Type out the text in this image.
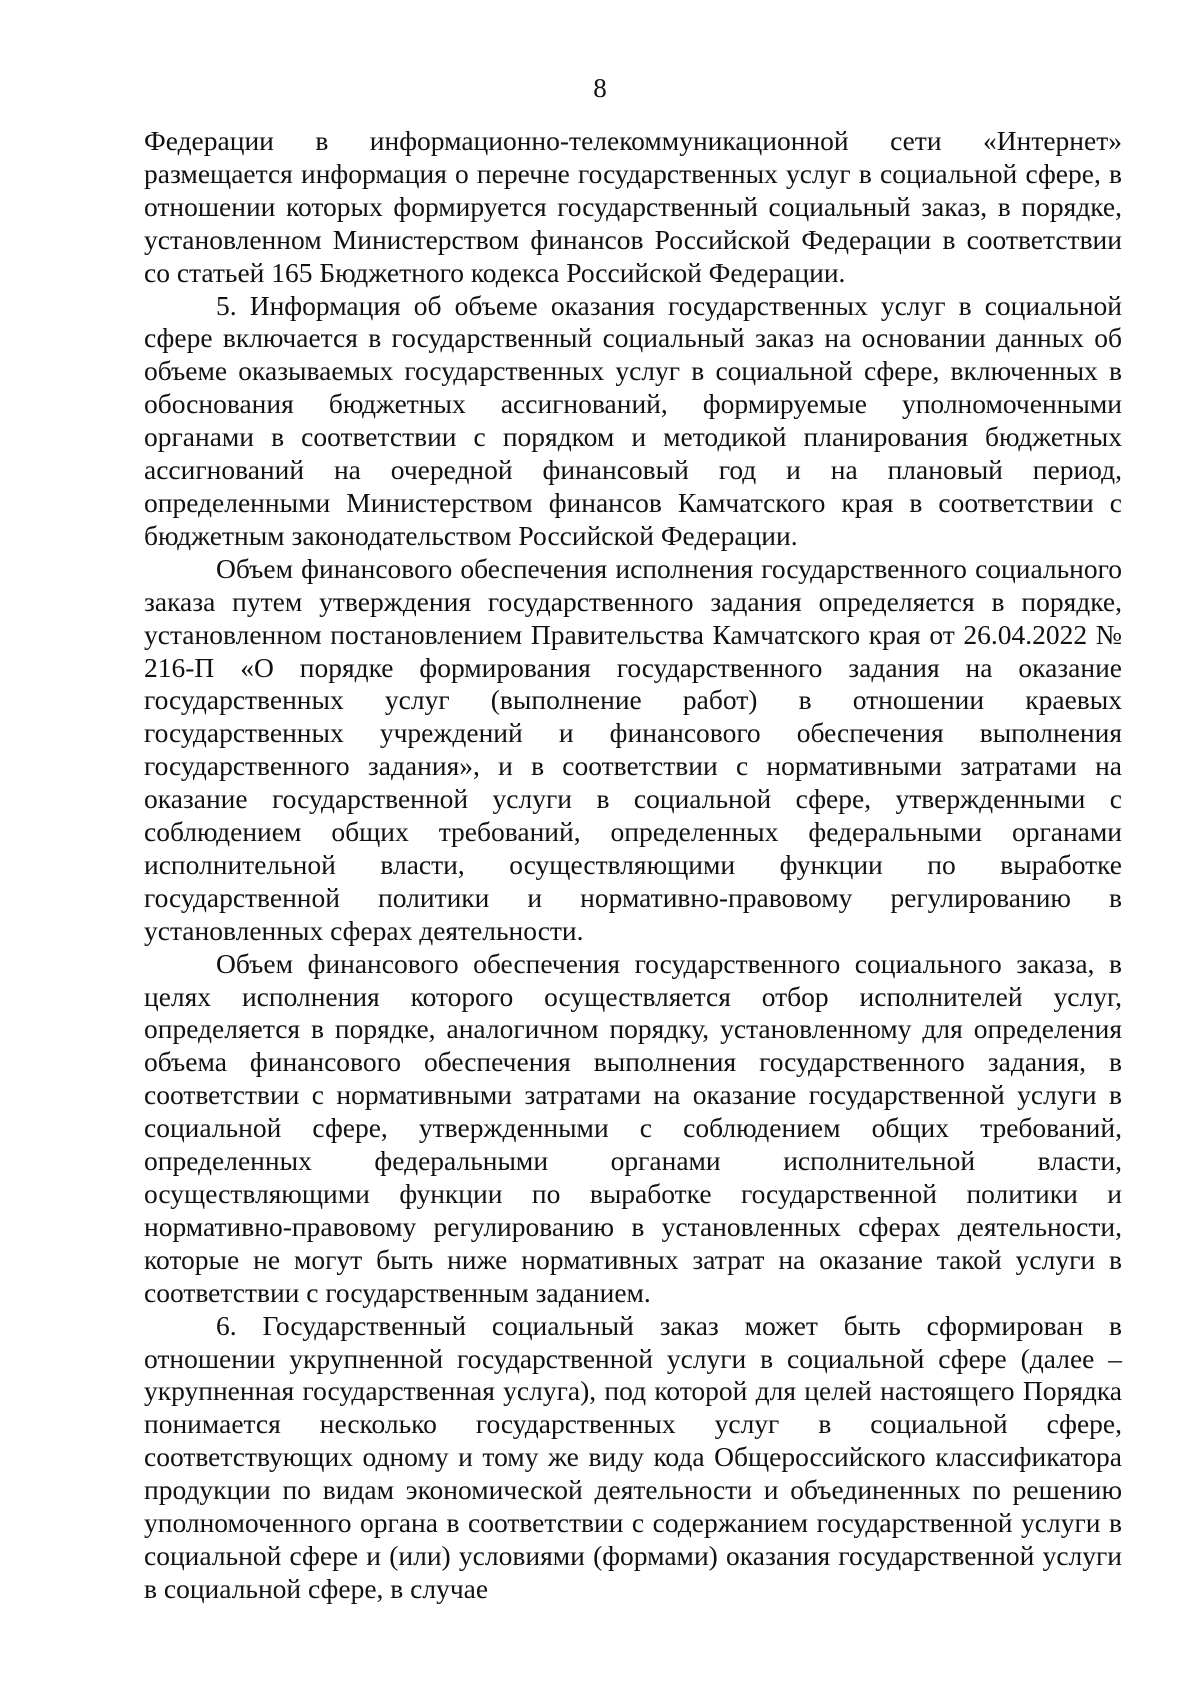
8

Федерации в информационно-телекоммуникационной сети «Интернет» размещается информация о перечне государственных услуг в социальной сфере, в отношении которых формируется государственный социальный заказ, в порядке, установленном Министерством финансов Российской Федерации в соответствии со статьей 165 Бюджетного кодекса Российской Федерации.

5. Информация об объеме оказания государственных услуг в социальной сфере включается в государственный социальный заказ на основании данных об объеме оказываемых государственных услуг в социальной сфере, включенных в обоснования бюджетных ассигнований, формируемые уполномоченными органами в соответствии с порядком и методикой планирования бюджетных ассигнований на очередной финансовый год и на плановый период, определенными Министерством финансов Камчатского края в соответствии с бюджетным законодательством Российской Федерации.

Объем финансового обеспечения исполнения государственного социального заказа путем утверждения государственного задания определяется в порядке, установленном постановлением Правительства Камчатского края от 26.04.2022 № 216-П «О порядке формирования государственного задания на оказание государственных услуг (выполнение работ) в отношении краевых государственных учреждений и финансового обеспечения выполнения государственного задания», и в соответствии с нормативными затратами на оказание государственной услуги в социальной сфере, утвержденными с соблюдением общих требований, определенных федеральными органами исполнительной власти, осуществляющими функции по выработке государственной политики и нормативно-правовому регулированию в установленных сферах деятельности.

Объем финансового обеспечения государственного социального заказа, в целях исполнения которого осуществляется отбор исполнителей услуг, определяется в порядке, аналогичном порядку, установленному для определения объема финансового обеспечения выполнения государственного задания, в соответствии с нормативными затратами на оказание государственной услуги в социальной сфере, утвержденными с соблюдением общих требований, определенных федеральными органами исполнительной власти, осуществляющими функции по выработке государственной политики и нормативно-правовому регулированию в установленных сферах деятельности, которые не могут быть ниже нормативных затрат на оказание такой услуги в соответствии с государственным заданием.

6. Государственный социальный заказ может быть сформирован в отношении укрупненной государственной услуги в социальной сфере (далее – укрупненная государственная услуга), под которой для целей настоящего Порядка понимается несколько государственных услуг в социальной сфере, соответствующих одному и тому же виду кода Общероссийского классификатора продукции по видам экономической деятельности и объединенных по решению уполномоченного органа в соответствии с содержанием государственной услуги в социальной сфере и (или) условиями (формами) оказания государственной услуги в социальной сфере, в случае
